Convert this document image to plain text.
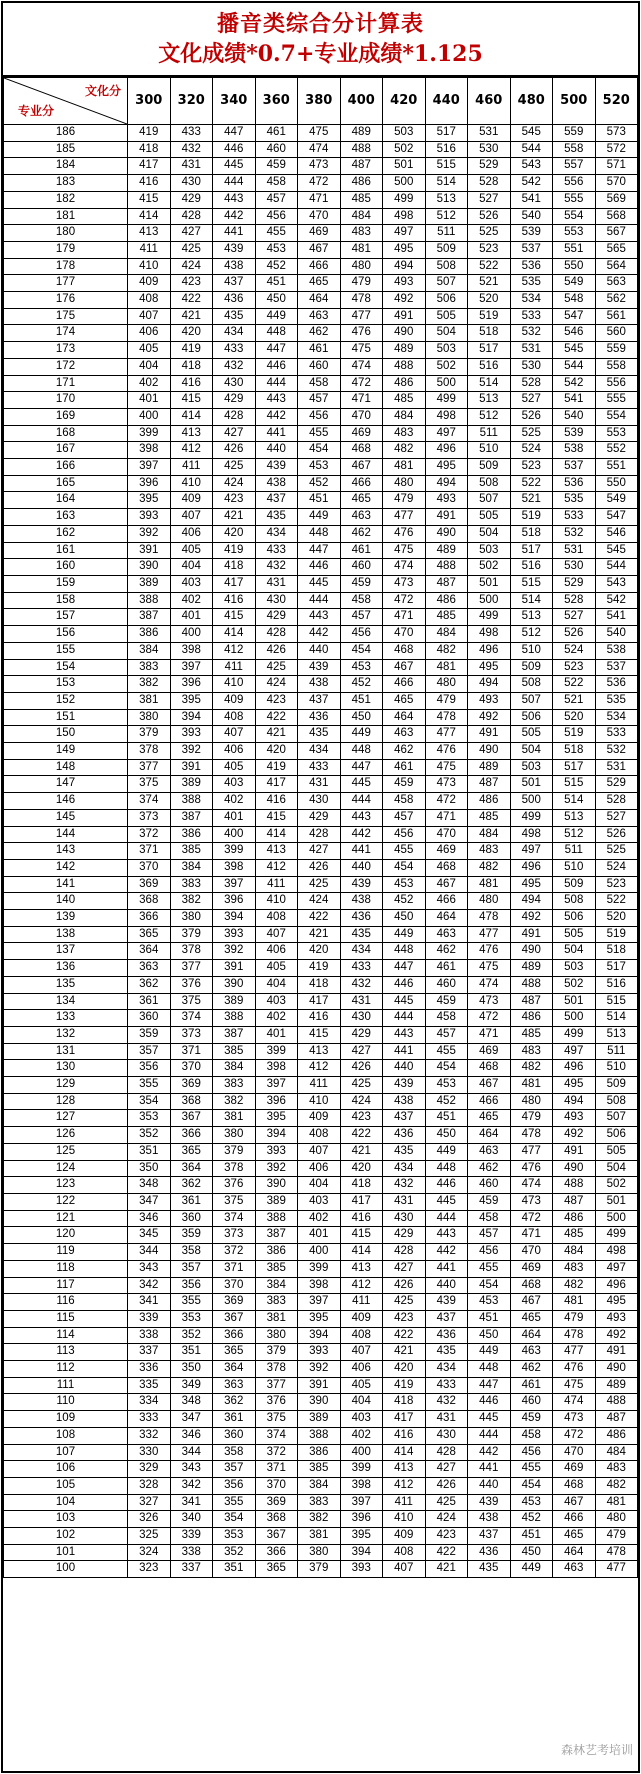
播音类综合分计算表
文化成绩*0.7+专业成绩*1.125
文化分
专业分	300	320	340	360	380	400	420	440	460	480	500	520
186	419	433	447	461	475	489	503	517	531	545	559	573
185	418	432	446	460	474	488	502	516	530	544	558	572
184	417	431	445	459	473	487	501	515	529	543	557	571
183	416	430	444	458	472	486	500	514	528	542	556	570
182	415	429	443	457	471	485	499	513	527	541	555	569
181	414	428	442	456	470	484	498	512	526	540	554	568
180	413	427	441	455	469	483	497	511	525	539	553	567
179	411	425	439	453	467	481	495	509	523	537	551	565
178	410	424	438	452	466	480	494	508	522	536	550	564
177	409	423	437	451	465	479	493	507	521	535	549	563
176	408	422	436	450	464	478	492	506	520	534	548	562
175	407	421	435	449	463	477	491	505	519	533	547	561
174	406	420	434	448	462	476	490	504	518	532	546	560
173	405	419	433	447	461	475	489	503	517	531	545	559
172	404	418	432	446	460	474	488	502	516	530	544	558
171	402	416	430	444	458	472	486	500	514	528	542	556
170	401	415	429	443	457	471	485	499	513	527	541	555
169	400	414	428	442	456	470	484	498	512	526	540	554
168	399	413	427	441	455	469	483	497	511	525	539	553
167	398	412	426	440	454	468	482	496	510	524	538	552
166	397	411	425	439	453	467	481	495	509	523	537	551
165	396	410	424	438	452	466	480	494	508	522	536	550
164	395	409	423	437	451	465	479	493	507	521	535	549
163	393	407	421	435	449	463	477	491	505	519	533	547
162	392	406	420	434	448	462	476	490	504	518	532	546
161	391	405	419	433	447	461	475	489	503	517	531	545
160	390	404	418	432	446	460	474	488	502	516	530	544
159	389	403	417	431	445	459	473	487	501	515	529	543
158	388	402	416	430	444	458	472	486	500	514	528	542
157	387	401	415	429	443	457	471	485	499	513	527	541
156	386	400	414	428	442	456	470	484	498	512	526	540
155	384	398	412	426	440	454	468	482	496	510	524	538
154	383	397	411	425	439	453	467	481	495	509	523	537
153	382	396	410	424	438	452	466	480	494	508	522	536
152	381	395	409	423	437	451	465	479	493	507	521	535
151	380	394	408	422	436	450	464	478	492	506	520	534
150	379	393	407	421	435	449	463	477	491	505	519	533
149	378	392	406	420	434	448	462	476	490	504	518	532
148	377	391	405	419	433	447	461	475	489	503	517	531
147	375	389	403	417	431	445	459	473	487	501	515	529
146	374	388	402	416	430	444	458	472	486	500	514	528
145	373	387	401	415	429	443	457	471	485	499	513	527
144	372	386	400	414	428	442	456	470	484	498	512	526
143	371	385	399	413	427	441	455	469	483	497	511	525
142	370	384	398	412	426	440	454	468	482	496	510	524
141	369	383	397	411	425	439	453	467	481	495	509	523
140	368	382	396	410	424	438	452	466	480	494	508	522
139	366	380	394	408	422	436	450	464	478	492	506	520
138	365	379	393	407	421	435	449	463	477	491	505	519
137	364	378	392	406	420	434	448	462	476	490	504	518
136	363	377	391	405	419	433	447	461	475	489	503	517
135	362	376	390	404	418	432	446	460	474	488	502	516
134	361	375	389	403	417	431	445	459	473	487	501	515
133	360	374	388	402	416	430	444	458	472	486	500	514
132	359	373	387	401	415	429	443	457	471	485	499	513
131	357	371	385	399	413	427	441	455	469	483	497	511
130	356	370	384	398	412	426	440	454	468	482	496	510
129	355	369	383	397	411	425	439	453	467	481	495	509
128	354	368	382	396	410	424	438	452	466	480	494	508
127	353	367	381	395	409	423	437	451	465	479	493	507
126	352	366	380	394	408	422	436	450	464	478	492	506
125	351	365	379	393	407	421	435	449	463	477	491	505
124	350	364	378	392	406	420	434	448	462	476	490	504
123	348	362	376	390	404	418	432	446	460	474	488	502
122	347	361	375	389	403	417	431	445	459	473	487	501
121	346	360	374	388	402	416	430	444	458	472	486	500
120	345	359	373	387	401	415	429	443	457	471	485	499
119	344	358	372	386	400	414	428	442	456	470	484	498
118	343	357	371	385	399	413	427	441	455	469	483	497
117	342	356	370	384	398	412	426	440	454	468	482	496
116	341	355	369	383	397	411	425	439	453	467	481	495
115	339	353	367	381	395	409	423	437	451	465	479	493
114	338	352	366	380	394	408	422	436	450	464	478	492
113	337	351	365	379	393	407	421	435	449	463	477	491
112	336	350	364	378	392	406	420	434	448	462	476	490
111	335	349	363	377	391	405	419	433	447	461	475	489
110	334	348	362	376	390	404	418	432	446	460	474	488
109	333	347	361	375	389	403	417	431	445	459	473	487
108	332	346	360	374	388	402	416	430	444	458	472	486
107	330	344	358	372	386	400	414	428	442	456	470	484
106	329	343	357	371	385	399	413	427	441	455	469	483
105	328	342	356	370	384	398	412	426	440	454	468	482
104	327	341	355	369	383	397	411	425	439	453	467	481
103	326	340	354	368	382	396	410	424	438	452	466	480
102	325	339	353	367	381	395	409	423	437	451	465	479
101	324	338	352	366	380	394	408	422	436	450	464	478
100	323	337	351	365	379	393	407	421	435	449	463	477
森林艺考培训
